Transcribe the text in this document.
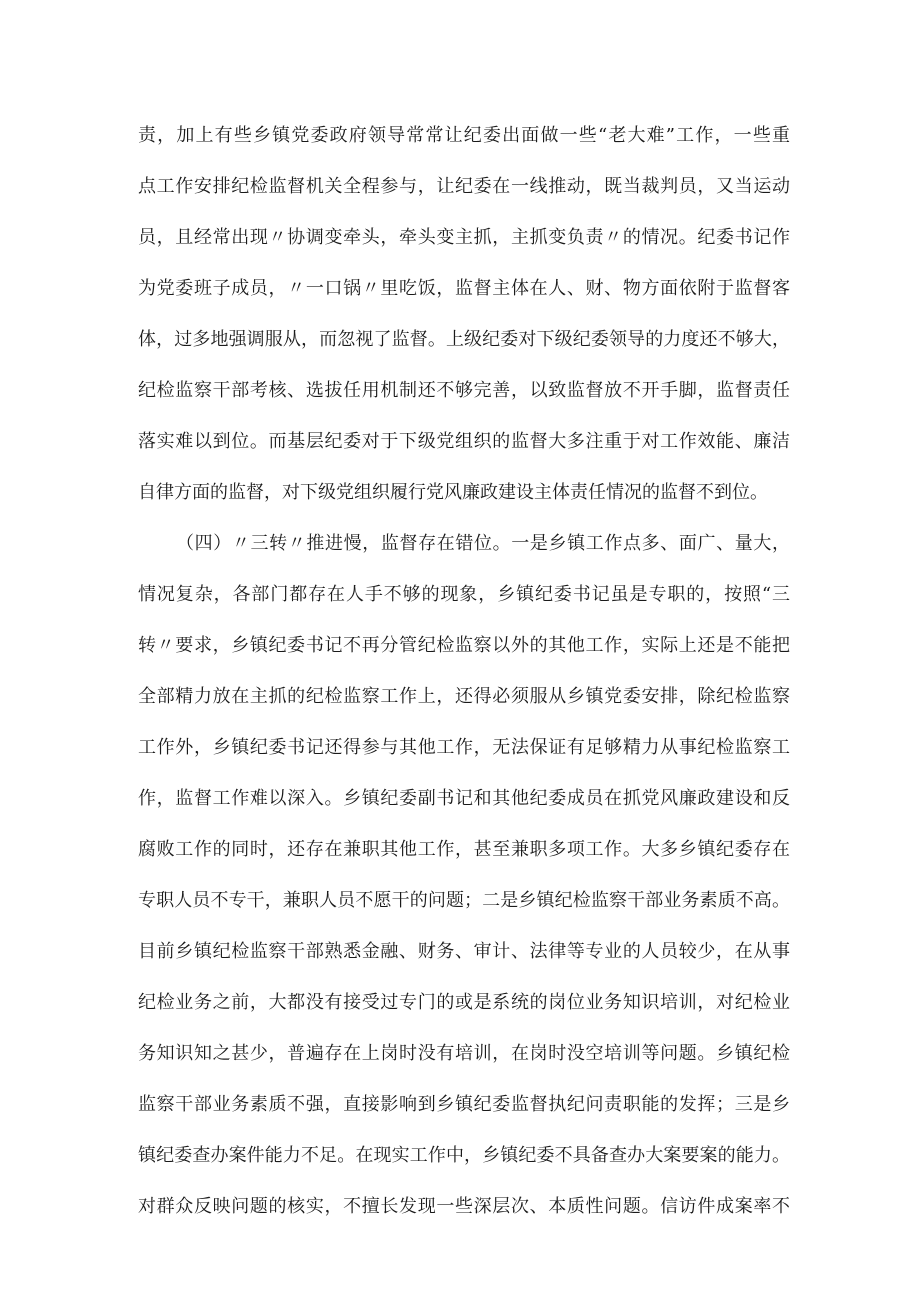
责，加上有些乡镇党委政府领导常常让纪委出面做一些“老大难”工作，一些重
点工作安排纪检监督机关全程参与，让纪委在一线推动，既当裁判员，又当运动
员，且经常出现〃协调变牵头，牵头变主抓，主抓变负责〃的情况。纪委书记作
为党委班子成员，〃一口锅〃里吃饭，监督主体在人、财、物方面依附于监督客
体，过多地强调服从，而忽视了监督。上级纪委对下级纪委领导的力度还不够大，
纪检监察干部考核、选拔任用机制还不够完善，以致监督放不开手脚，监督责任
落实难以到位。而基层纪委对于下级党组织的监督大多注重于对工作效能、廉洁
自律方面的监督，对下级党组织履行党风廉政建设主体责任情况的监督不到位。
（四）〃三转〃推进慢，监督存在错位。一是乡镇工作点多、面广、量大，
情况复杂，各部门都存在人手不够的现象，乡镇纪委书记虽是专职的，按照“三
转〃要求，乡镇纪委书记不再分管纪检监察以外的其他工作，实际上还是不能把
全部精力放在主抓的纪检监察工作上，还得必须服从乡镇党委安排，除纪检监察
工作外，乡镇纪委书记还得参与其他工作，无法保证有足够精力从事纪检监察工
作，监督工作难以深入。乡镇纪委副书记和其他纪委成员在抓党风廉政建设和反
腐败工作的同时，还存在兼职其他工作，甚至兼职多项工作。大多乡镇纪委存在
专职人员不专干，兼职人员不愿干的问题；二是乡镇纪检监察干部业务素质不高。
目前乡镇纪检监察干部熟悉金融、财务、审计、法律等专业的人员较少，在从事
纪检业务之前，大都没有接受过专门的或是系统的岗位业务知识培训，对纪检业
务知识知之甚少，普遍存在上岗时没有培训，在岗时没空培训等问题。乡镇纪检
监察干部业务素质不强，直接影响到乡镇纪委监督执纪问责职能的发挥；三是乡
镇纪委查办案件能力不足。在现实工作中，乡镇纪委不具备查办大案要案的能力。
对群众反映问题的核实，不擅长发现一些深层次、本质性问题。信访件成案率不
